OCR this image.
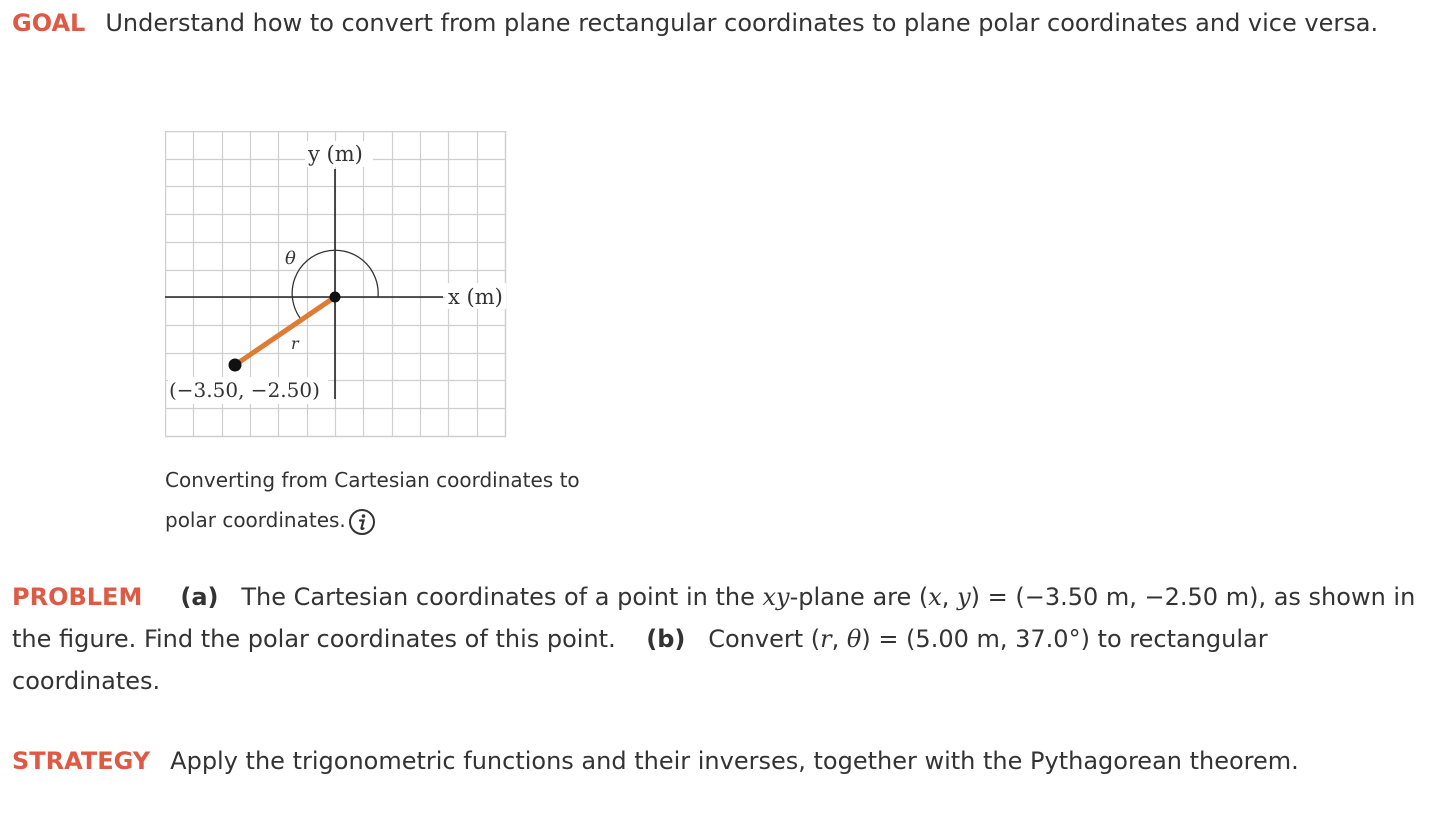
GOAL Understand how to convert from plane rectangular coordinates to plane polar coordinates and vice versa.

y (m)
x (m)
θ
r
(−3.50, −2.50)
Converting from Cartesian coordinates to polar coordinates.

PROBLEM (a) The Cartesian coordinates of a point in the xy-plane are (x, y) = (−3.50 m, −2.50 m), as shown in the figure. Find the polar coordinates of this point. (b) Convert (r, θ) = (5.00 m, 37.0°) to rectangular coordinates.

STRATEGY Apply the trigonometric functions and their inverses, together with the Pythagorean theorem.
